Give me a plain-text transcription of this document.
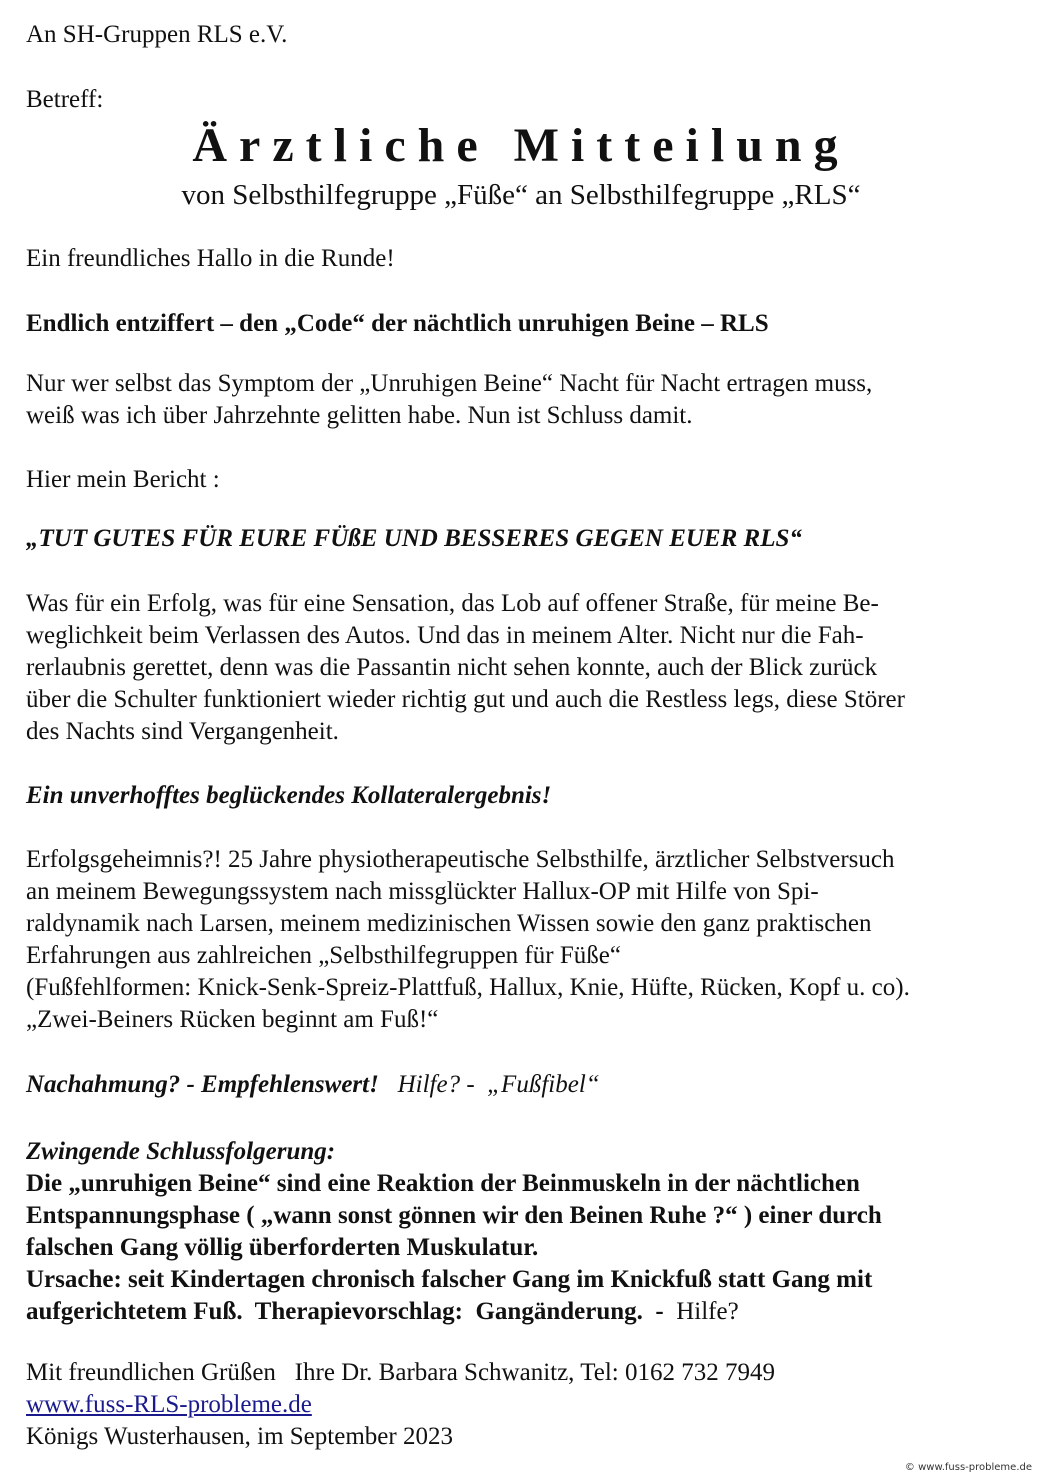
An SH-Gruppen RLS e.V.
Betreff:
Ärztliche Mitteilung
von Selbsthilfegruppe „Füße“ an Selbsthilfegruppe „RLS“
Ein freundliches Hallo in die Runde!
Endlich entziffert – den „Code“ der nächtlich unruhigen Beine – RLS
Nur wer selbst das Symptom der „Unruhigen Beine“ Nacht für Nacht ertragen muss,
weiß was ich über Jahrzehnte gelitten habe. Nun ist Schluss damit.
Hier mein Bericht :
„TUT GUTES FÜR EURE FÜßE UND BESSERES GEGEN EUER RLS“
Was für ein Erfolg, was für eine Sensation, das Lob auf offener Straße, für meine Be-
weglichkeit beim Verlassen des Autos. Und das in meinem Alter. Nicht nur die Fah-
rerlaubnis gerettet, denn was die Passantin nicht sehen konnte, auch der Blick zurück
über die Schulter funktioniert wieder richtig gut und auch die Restless legs, diese Störer
des Nachts sind Vergangenheit.
Ein unverhofftes beglückendes Kollateralergebnis!
Erfolgsgeheimnis?! 25 Jahre physiotherapeutische Selbsthilfe, ärztlicher Selbstversuch
an meinem Bewegungssystem nach missglückter Hallux-OP mit Hilfe von Spi-
raldynamik nach Larsen, meinem medizinischen Wissen sowie den ganz praktischen
Erfahrungen aus zahlreichen „Selbsthilfegruppen für Füße“
(Fußfehlformen: Knick-Senk-Spreiz-Plattfuß, Hallux, Knie, Hüfte, Rücken, Kopf u. co).
„Zwei-Beiners Rücken beginnt am Fuß!“
Nachahmung? - Empfehlenswert!   Hilfe? -  „Fußfibel“
Zwingende Schlussfolgerung:
Die „unruhigen Beine“ sind eine Reaktion der Beinmuskeln in der nächtlichen
Entspannungsphase ( „wann sonst gönnen wir den Beinen Ruhe ?“ ) einer durch
falschen Gang völlig überforderten Muskulatur.
Ursache: seit Kindertagen chronisch falscher Gang im Knickfuß statt Gang mit
aufgerichtetem Fuß.  Therapievorschlag:  Gangänderung.  -  Hilfe?
Mit freundlichen Grüßen   Ihre Dr. Barbara Schwanitz, Tel: 0162 732 7949
www.fuss-RLS-probleme.de
Königs Wusterhausen, im September 2023
© www.fuss-probleme.de
